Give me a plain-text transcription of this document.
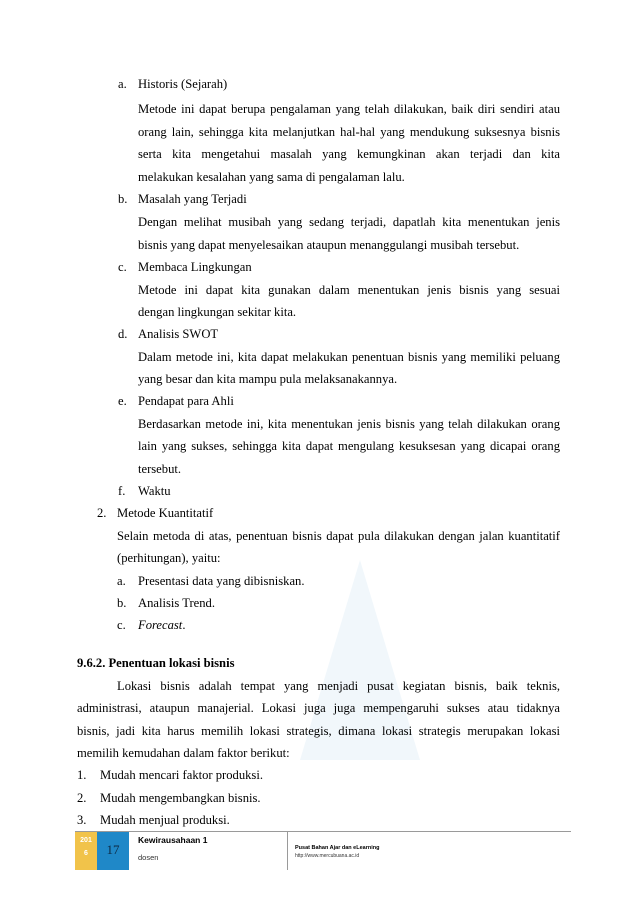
a. Historis (Sejarah)
Metode ini dapat berupa pengalaman yang telah dilakukan, baik diri sendiri atau
orang lain, sehingga kita melanjutkan hal-hal yang mendukung suksesnya bisnis
serta kita mengetahui masalah yang kemungkinan akan terjadi dan kita
melakukan kesalahan yang sama di pengalaman lalu.
b. Masalah yang Terjadi
Dengan melihat musibah yang sedang terjadi, dapatlah kita menentukan jenis
bisnis yang dapat menyelesaikan ataupun menanggulangi musibah tersebut.
c. Membaca Lingkungan
Metode ini dapat kita gunakan dalam menentukan jenis bisnis yang sesuai
dengan lingkungan sekitar kita.
d. Analisis SWOT
Dalam metode ini, kita dapat melakukan penentuan bisnis yang memiliki peluang
yang besar dan kita mampu pula melaksanakannya.
e. Pendapat para Ahli
Berdasarkan metode ini, kita menentukan jenis bisnis yang telah dilakukan orang
lain yang sukses, sehingga kita dapat mengulang kesuksesan yang dicapai orang
tersebut.
f. Waktu
2. Metode Kuantitatif
Selain metoda di atas, penentuan bisnis dapat pula dilakukan dengan jalan kuantitatif
(perhitungan), yaitu:
a. Presentasi data yang dibisniskan.
b. Analisis Trend.
c. Forecast.
9.6.2. Penentuan lokasi bisnis
Lokasi bisnis adalah tempat yang menjadi pusat kegiatan bisnis, baik teknis,
administrasi, ataupun manajerial. Lokasi juga juga mempengaruhi sukses atau tidaknya
bisnis, jadi kita harus memilih lokasi strategis, dimana lokasi strategis merupakan lokasi
memilih kemudahan dalam faktor berikut:
1. Mudah mencari faktor produksi.
2. Mudah mengembangkan bisnis.
3. Mudah menjual produksi.
201
6	17
Kewirausahaan 1
dosen
Pusat Bahan Ajar dan eLearning
http://www.mercubuana.ac.id
